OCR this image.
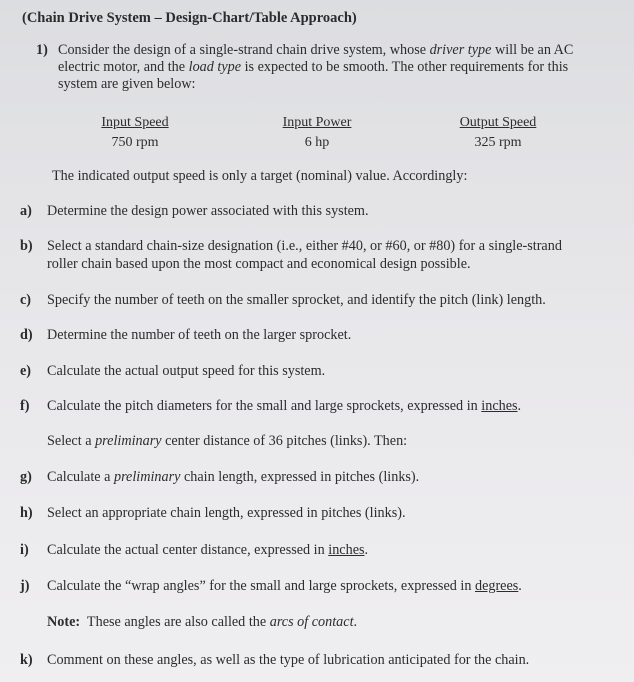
(Chain Drive System – Design-Chart/Table Approach)
1) Consider the design of a single-strand chain drive system, whose driver type will be an AC
electric motor, and the load type is expected to be smooth. The other requirements for this
system are given below:
Input Speed
750 rpm
Input Power
6 hp
Output Speed
325 rpm
The indicated output speed is only a target (nominal) value. Accordingly:
a) Determine the design power associated with this system.
b) Select a standard chain-size designation (i.e., either #40, or #60, or #80) for a single-strand
roller chain based upon the most compact and economical design possible.
c) Specify the number of teeth on the smaller sprocket, and identify the pitch (link) length.
d) Determine the number of teeth on the larger sprocket.
e) Calculate the actual output speed for this system.
f) Calculate the pitch diameters for the small and large sprockets, expressed in inches.
Select a preliminary center distance of 36 pitches (links). Then:
g) Calculate a preliminary chain length, expressed in pitches (links).
h) Select an appropriate chain length, expressed in pitches (links).
i) Calculate the actual center distance, expressed in inches.
j) Calculate the “wrap angles” for the small and large sprockets, expressed in degrees.
Note:  These angles are also called the arcs of contact.
k) Comment on these angles, as well as the type of lubrication anticipated for the chain.
